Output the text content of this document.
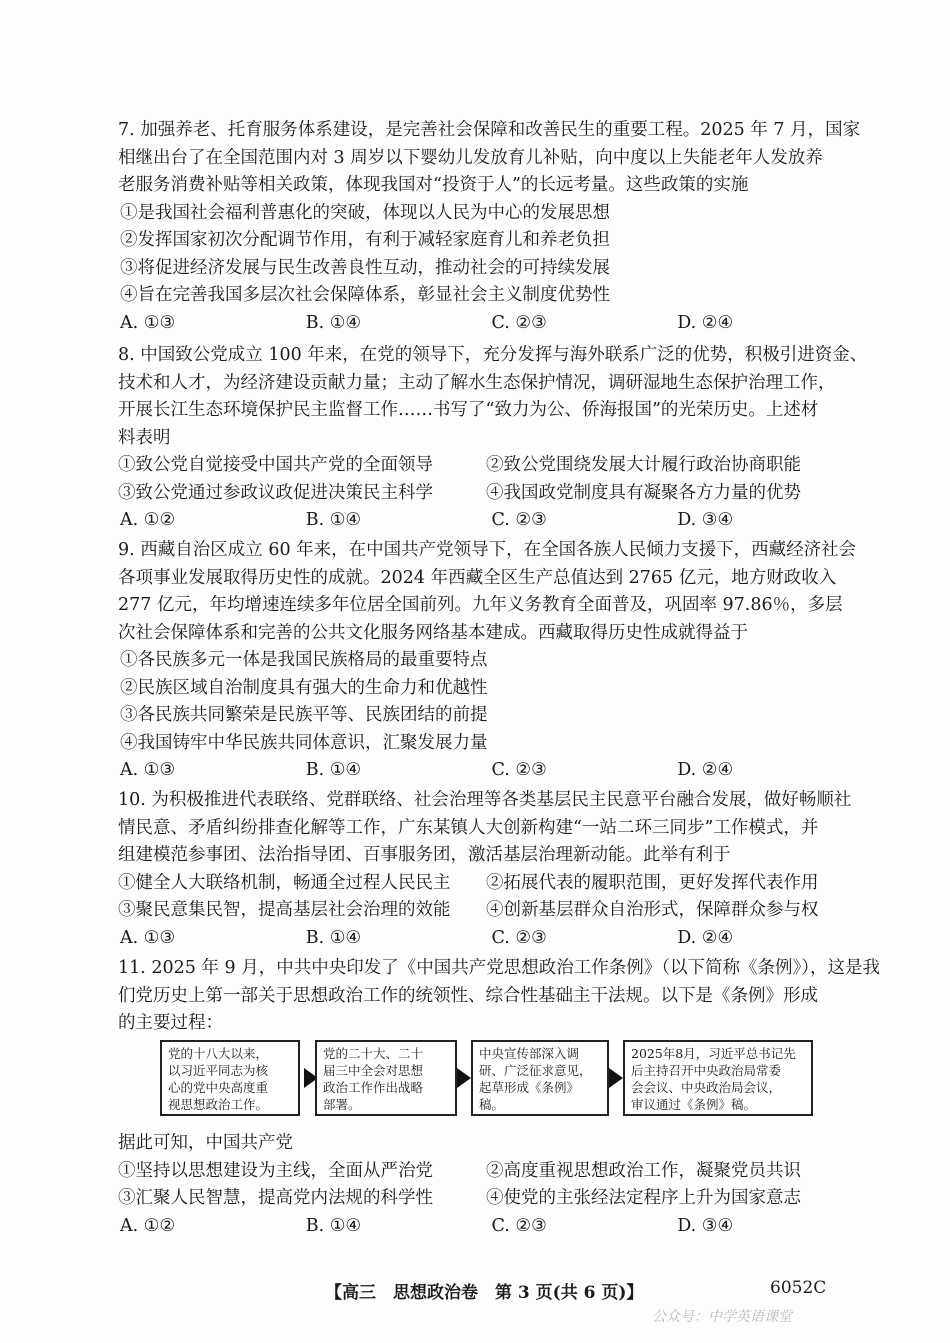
7. 加强养老、托育服务体系建设，是完善社会保障和改善民生的重要工程。2025 年 7 月，国家
相继出台了在全国范围内对 3 周岁以下婴幼儿发放育儿补贴，向中度以上失能老年人发放养
老服务消费补贴等相关政策，体现我国对“投资于人”的长远考量。这些政策的实施
①是我国社会福利普惠化的突破，体现以人民为中心的发展思想
②发挥国家初次分配调节作用，有利于减轻家庭育儿和养老负担
③将促进经济发展与民生改善良性互动，推动社会的可持续发展
④旨在完善我国多层次社会保障体系，彰显社会主义制度优势性
A. ①③	B. ①④	C. ②③	D. ②④
8. 中国致公党成立 100 年来，在党的领导下，充分发挥与海外联系广泛的优势，积极引进资金、
技术和人才，为经济建设贡献力量；主动了解水生态保护情况，调研湿地生态保护治理工作，
开展长江生态环境保护民主监督工作……书写了“致力为公、侨海报国”的光荣历史。上述材
料表明
①致公党自觉接受中国共产党的全面领导	②致公党围绕发展大计履行政治协商职能
③致公党通过参政议政促进决策民主科学	④我国政党制度具有凝聚各方力量的优势
A. ①②	B. ①④	C. ②③	D. ③④
9. 西藏自治区成立 60 年来，在中国共产党领导下，在全国各族人民倾力支援下，西藏经济社会
各项事业发展取得历史性的成就。2024 年西藏全区生产总值达到 2765 亿元，地方财政收入
277 亿元，年均增速连续多年位居全国前列。九年义务教育全面普及，巩固率 97.86％，多层
次社会保障体系和完善的公共文化服务网络基本建成。西藏取得历史性成就得益于
①各民族多元一体是我国民族格局的最重要特点
②民族区域自治制度具有强大的生命力和优越性
③各民族共同繁荣是民族平等、民族团结的前提
④我国铸牢中华民族共同体意识，汇聚发展力量
A. ①③	B. ①④	C. ②③	D. ②④
10. 为积极推进代表联络、党群联络、社会治理等各类基层民主民意平台融合发展，做好畅顺社
情民意、矛盾纠纷排查化解等工作，广东某镇人大创新构建“一站二环三同步”工作模式，并
组建模范参事团、法治指导团、百事服务团，激活基层治理新动能。此举有利于
①健全人大联络机制，畅通全过程人民民主	②拓展代表的履职范围，更好发挥代表作用
③聚民意集民智，提高基层社会治理的效能	④创新基层群众自治形式，保障群众参与权
A. ①③	B. ①④	C. ②③	D. ②④
11. 2025 年 9 月，中共中央印发了《中国共产党思想政治工作条例》（以下简称《条例》），这是我
们党历史上第一部关于思想政治工作的统领性、综合性基础主干法规。以下是《条例》形成
的主要过程：
党的十八大以来，
以习近平同志为核
心的党中央高度重
视思想政治工作。
党的二十大、二十
届三中全会对思想
政治工作作出战略
部署。
中央宣传部深入调
研、广泛征求意见，
起草形成《条例》
稿。
2025年8月，习近平总书记先
后主持召开中央政治局常委
会会议、中央政治局会议，
审议通过《条例》稿。
据此可知，中国共产党
①坚持以思想建设为主线，全面从严治党	②高度重视思想政治工作，凝聚党员共识
③汇聚人民智慧，提高党内法规的科学性	④使党的主张经法定程序上升为国家意志
A. ①②	B. ①④	C. ②③	D. ③④
【高三　思想政治卷　第 3 页(共 6 页)】	6052C
公众号：中学英语课堂
